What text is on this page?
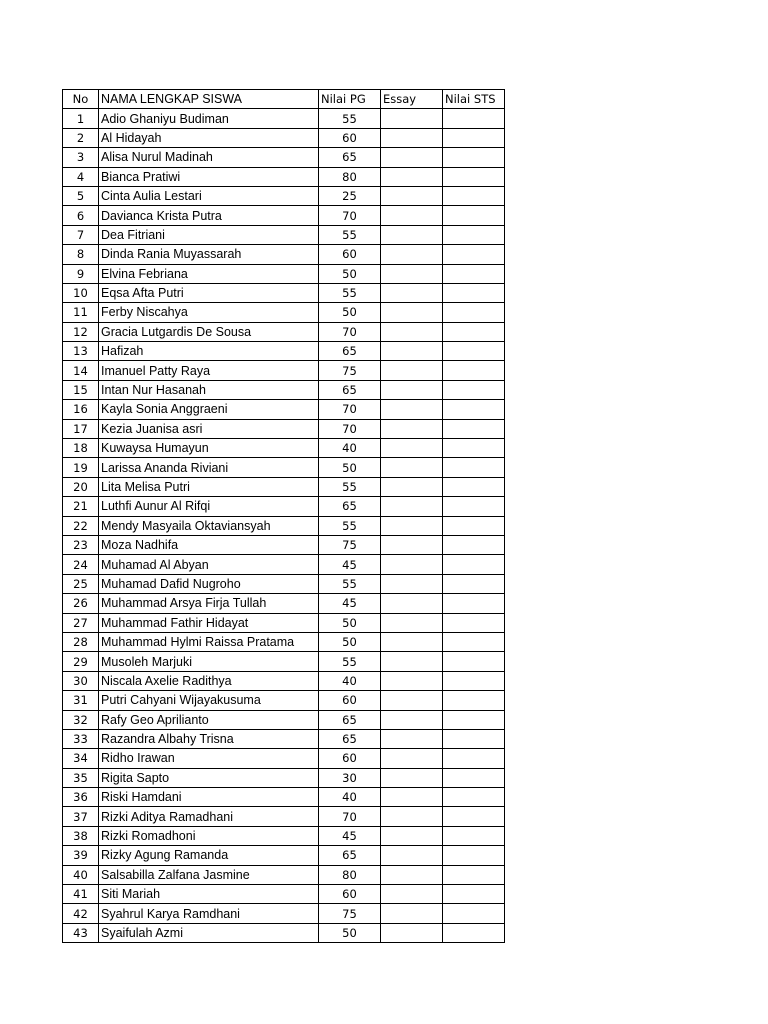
No	NAMA LENGKAP SISWA	Nilai PG	Essay	Nilai STS
1	Adio Ghaniyu Budiman	55		
2	Al Hidayah	60		
3	Alisa Nurul Madinah	65		
4	Bianca Pratiwi	80		
5	Cinta Aulia Lestari	25		
6	Davianca Krista Putra	70		
7	Dea Fitriani	55		
8	Dinda Rania Muyassarah	60		
9	Elvina Febriana	50		
10	Eqsa Afta Putri	55		
11	Ferby Niscahya	50		
12	Gracia Lutgardis De Sousa	70		
13	Hafizah	65		
14	Imanuel Patty Raya	75		
15	Intan Nur Hasanah	65		
16	Kayla Sonia Anggraeni	70		
17	Kezia Juanisa asri	70		
18	Kuwaysa Humayun	40		
19	Larissa Ananda Riviani	50		
20	Lita Melisa Putri	55		
21	Luthfi Aunur Al Rifqi	65		
22	Mendy Masyaila Oktaviansyah	55		
23	Moza Nadhifa	75		
24	Muhamad Al Abyan	45		
25	Muhamad Dafid Nugroho	55		
26	Muhammad Arsya Firja Tullah	45		
27	Muhammad Fathir Hidayat	50		
28	Muhammad Hylmi Raissa Pratama	50		
29	Musoleh Marjuki	55		
30	Niscala Axelie Radithya	40		
31	Putri Cahyani Wijayakusuma	60		
32	Rafy Geo Aprilianto	65		
33	Razandra Albahy Trisna	65		
34	Ridho Irawan	60		
35	Rigita Sapto	30		
36	Riski Hamdani	40		
37	Rizki Aditya Ramadhani	70		
38	Rizki Romadhoni	45		
39	Rizky Agung Ramanda	65		
40	Salsabilla Zalfana Jasmine	80		
41	Siti Mariah	60		
42	Syahrul Karya Ramdhani	75		
43	Syaifulah Azmi	50		
